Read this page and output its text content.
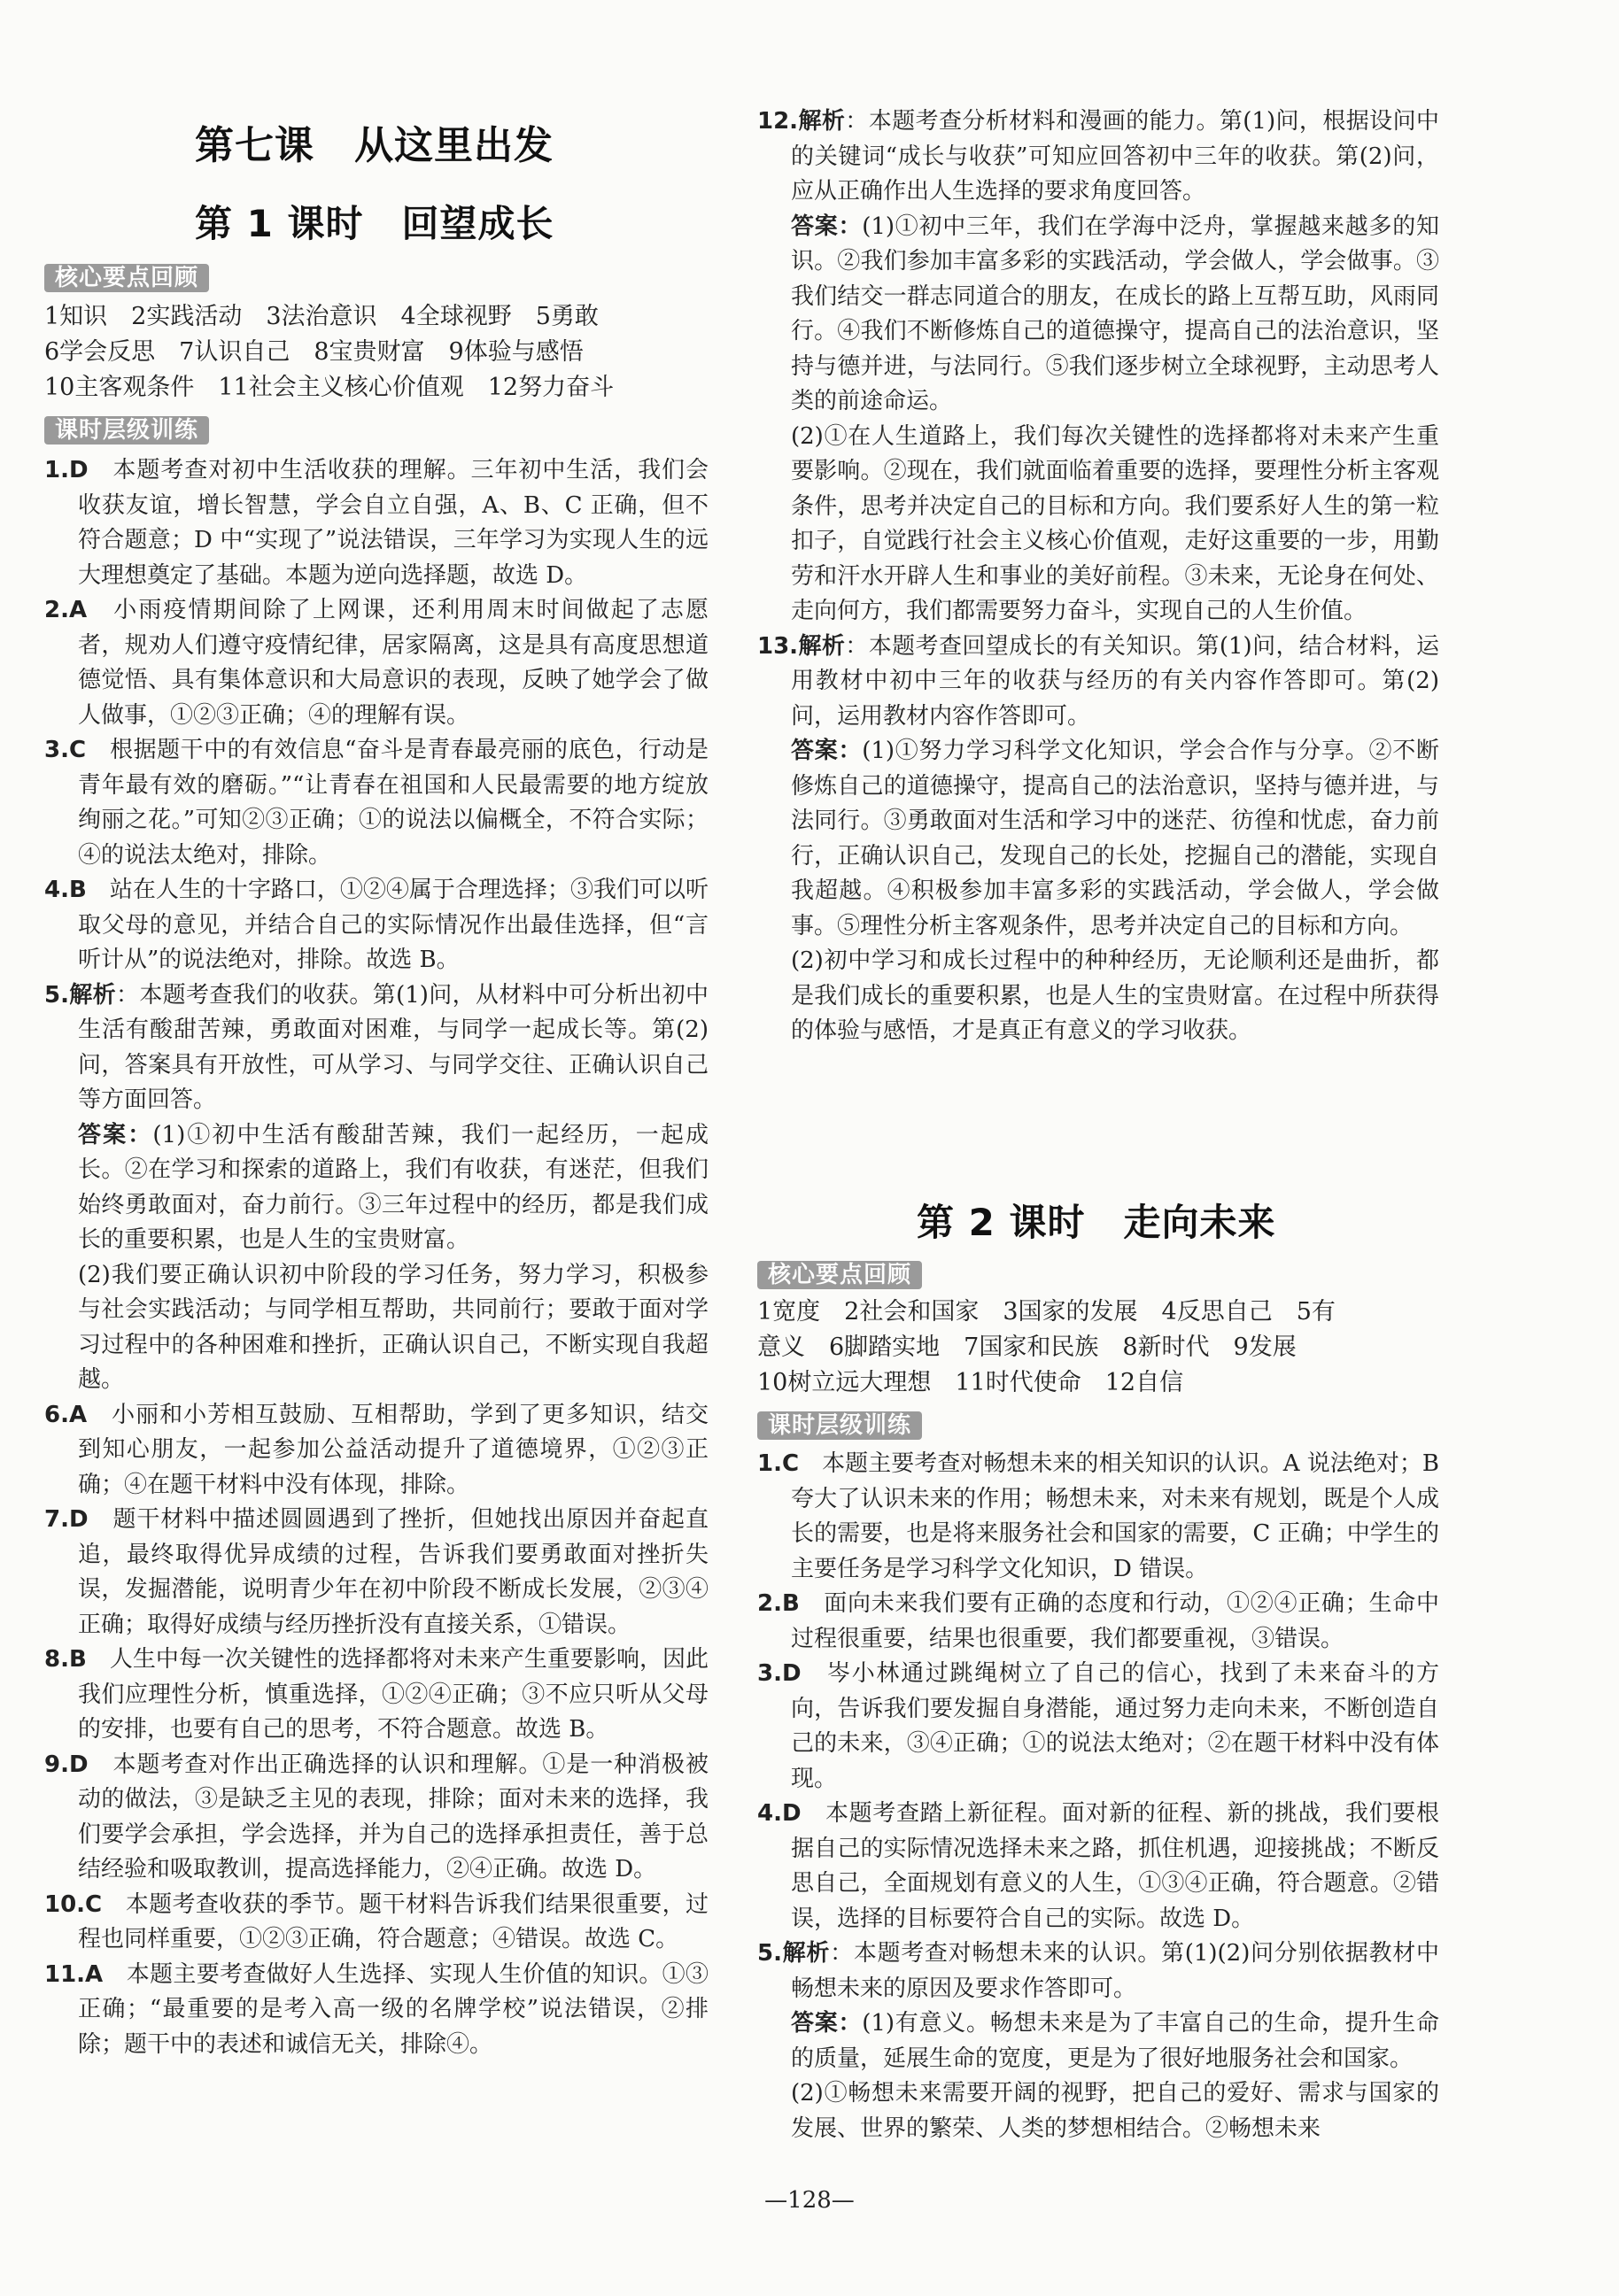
第七课　从这里出发
第 1 课时　回望成长
核心要点回顾
1知识　2实践活动　3法治意识　4全球视野　5勇敢
6学会反思　7认识自己　8宝贵财富　9体验与感悟
10主客观条件　11社会主义核心价值观　12努力奋斗
课时层级训练

1.D　 本题考查对初中生活收获的理解。三年初中生活，我们会收获友谊，增长智慧，学会自立自强，A、B、C 正确，但不符合题意；D 中“实现了”说法错误，三年学习为实现人生的远大理想奠定了基础。本题为逆向选择题，故选 D。

2.A　 小雨疫情期间除了上网课，还利用周末时间做起了志愿者，规劝人们遵守疫情纪律，居家隔离，这是具有高度思想道德觉悟、具有集体意识和大局意识的表现，反映了她学会了做人做事，①②③正确；④的理解有误。

3.C　 根据题干中的有效信息“奋斗是青春最亮丽的底色，行动是青年最有效的磨砺。”“让青春在祖国和人民最需要的地方绽放绚丽之花。”可知②③正确；①的说法以偏概全，不符合实际；④的说法太绝对，排除。

4.B　 站在人生的十字路口，①②④属于合理选择；③我们可以听取父母的意见，并结合自己的实际情况作出最佳选择，但“言听计从”的说法绝对，排除。故选 B。

5.解析：本题考查我们的收获。第(1)问，从材料中可分析出初中生活有酸甜苦辣，勇敢面对困难，与同学一起成长等。第(2)问，答案具有开放性，可从学习、与同学交往、正确认识自己等方面回答。

答案：(1)①初中生活有酸甜苦辣，我们一起经历，一起成长。②在学习和探索的道路上，我们有收获，有迷茫，但我们始终勇敢面对，奋力前行。③三年过程中的经历，都是我们成长的重要积累，也是人生的宝贵财富。

(2)我们要正确认识初中阶段的学习任务，努力学习，积极参与社会实践活动；与同学相互帮助，共同前行；要敢于面对学习过程中的各种困难和挫折，正确认识自己，不断实现自我超越。

6.A　 小丽和小芳相互鼓励、互相帮助，学到了更多知识，结交到知心朋友，一起参加公益活动提升了道德境界，①②③正确；④在题干材料中没有体现，排除。

7.D　 题干材料中描述圆圆遇到了挫折，但她找出原因并奋起直追，最终取得优异成绩的过程，告诉我们要勇敢面对挫折失误，发掘潜能，说明青少年在初中阶段不断成长发展，②③④ 正确；取得好成绩与经历挫折没有直接关系，①错误。

8.B　 人生中每一次关键性的选择都将对未来产生重要影响，因此我们应理性分析，慎重选择，①②④正确；③不应只听从父母的安排，也要有自己的思考，不符合题意。故选 B。

9.D　 本题考查对作出正确选择的认识和理解。①是一种消极被动的做法，③是缺乏主见的表现，排除；面对未来的选择，我们要学会承担，学会选择，并为自己的选择承担责任，善于总结经验和吸取教训，提高选择能力，②④正确。故选 D。

10.C　 本题考查收获的季节。题干材料告诉我们结果很重要，过程也同样重要，①②③正确，符合题意；④错误。故选 C。

11.A　 本题主要考查做好人生选择、实现人生价值的知识。①③正确；“最重要的是考入高一级的名牌学校”说法错误，②排除；题干中的表述和诚信无关，排除④。

12.解析：本题考查分析材料和漫画的能力。第(1)问，根据设问中的关键词“成长与收获”可知应回答初中三年的收获。第(2)问，应从正确作出人生选择的要求角度回答。

答案：(1)①初中三年，我们在学海中泛舟，掌握越来越多的知识。②我们参加丰富多彩的实践活动，学会做人，学会做事。③我们结交一群志同道合的朋友，在成长的路上互帮互助，风雨同行。④我们不断修炼自己的道德操守，提高自己的法治意识，坚持与德并进，与法同行。⑤我们逐步树立全球视野，主动思考人类的前途命运。

(2)①在人生道路上，我们每次关键性的选择都将对未来产生重要影响。②现在，我们就面临着重要的选择，要理性分析主客观条件，思考并决定自己的目标和方向。我们要系好人生的第一粒扣子，自觉践行社会主义核心价值观，走好这重要的一步，用勤劳和汗水开辟人生和事业的美好前程。③未来，无论身在何处、走向何方，我们都需要努力奋斗，实现自己的人生价值。

13.解析：本题考查回望成长的有关知识。第(1)问，结合材料，运用教材中初中三年的收获与经历的有关内容作答即可。第(2)问，运用教材内容作答即可。

答案：(1)①努力学习科学文化知识，学会合作与分享。②不断修炼自己的道德操守，提高自己的法治意识，坚持与德并进，与法同行。③勇敢面对生活和学习中的迷茫、彷徨和忧虑，奋力前行，正确认识自己，发现自己的长处，挖掘自己的潜能，实现自我超越。④积极参加丰富多彩的实践活动，学会做人，学会做事。⑤理性分析主客观条件，思考并决定自己的目标和方向。

(2)初中学习和成长过程中的种种经历，无论顺利还是曲折，都是我们成长的重要积累，也是人生的宝贵财富。在过程中所获得的体验与感悟，才是真正有意义的学习收获。

第 2 课时　走向未来
核心要点回顾
1宽度　2社会和国家　3国家的发展　4反思自己　5有
意义　6脚踏实地　7国家和民族　8新时代　9发展
10树立远大理想　11时代使命　12自信
课时层级训练

1.C　 本题主要考查对畅想未来的相关知识的认识。A 说法绝对；B 夸大了认识未来的作用；畅想未来，对未来有规划，既是个人成长的需要，也是将来服务社会和国家的需要，C 正确；中学生的主要任务是学习科学文化知识，D 错误。

2.B　 面向未来我们要有正确的态度和行动，①②④正确；生命中过程很重要，结果也很重要，我们都要重视，③错误。

3.D　 岑小林通过跳绳树立了自己的信心，找到了未来奋斗的方向，告诉我们要发掘自身潜能，通过努力走向未来，不断创造自己的未来，③④正确；①的说法太绝对；②在题干材料中没有体现。

4.D　 本题考查踏上新征程。面对新的征程、新的挑战，我们要根据自己的实际情况选择未来之路，抓住机遇，迎接挑战；不断反思自己，全面规划有意义的人生，①③④正确，符合题意。②错误，选择的目标要符合自己的实际。故选 D。

5.解析：本题考查对畅想未来的认识。第(1)(2)问分别依据教材中畅想未来的原因及要求作答即可。

答案：(1)有意义。畅想未来是为了丰富自己的生命，提升生命的质量，延展生命的宽度，更是为了很好地服务社会和国家。

(2)①畅想未来需要开阔的视野，把自己的爱好、需求与国家的发展、世界的繁荣、人类的梦想相结合。②畅想未来

—128—
